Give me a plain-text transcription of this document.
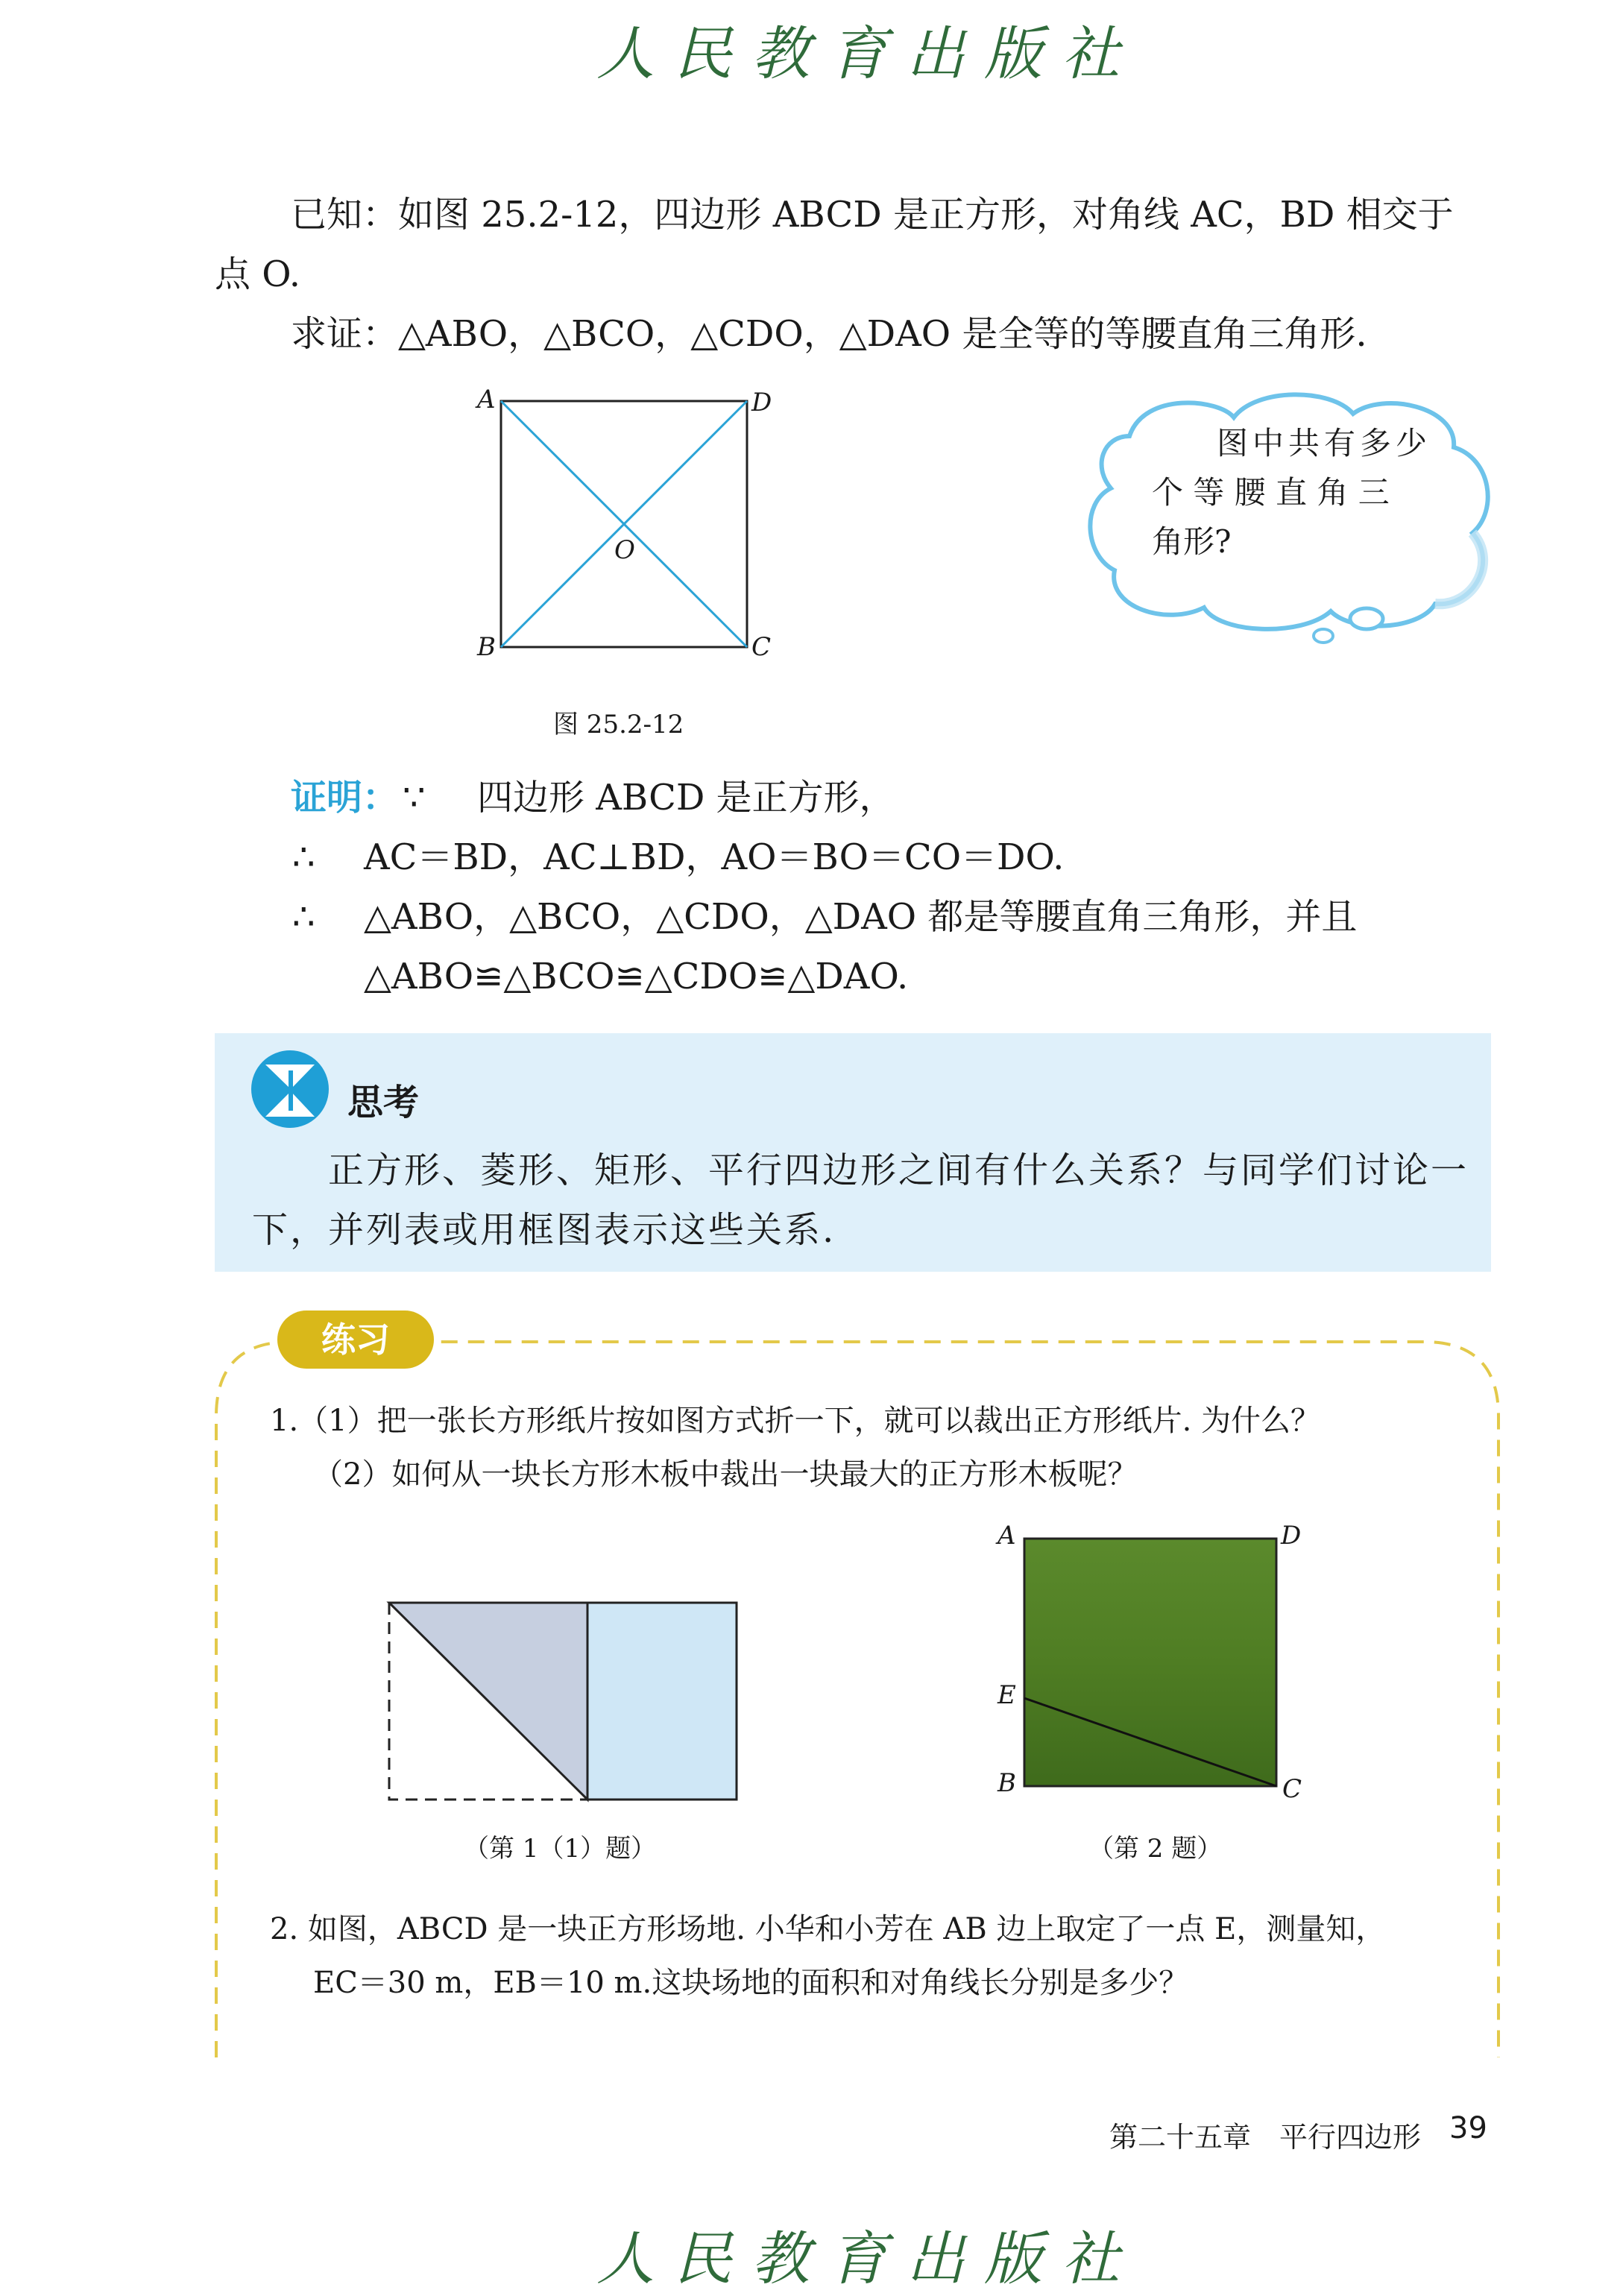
人民教育出版社
已知：如图 25.2-12，四边形 ABCD 是正方形，对角线 AC，BD 相交于
点 O.
求证：△ABO，△BCO，△CDO，△DAO 是全等的等腰直角三角形.
A	D
O
B	C
图 25.2-12
图中共有多少
个 等 腰 直 角 三
角形?
证明： ∵ 四边形 ABCD 是正方形，
∴ AC＝BD，AC⊥BD，AO＝BO＝CO＝DO.
∴ △ABO，△BCO，△CDO，△DAO 都是等腰直角三角形，并且
△ABO≌△BCO≌△CDO≌△DAO.
思考
正方形、菱形、矩形、平行四边形之间有什么关系？与同学们讨论一
下，并列表或用框图表示这些关系.
练习
1.（1）把一张长方形纸片按如图方式折一下，就可以裁出正方形纸片. 为什么？
（2）如何从一块长方形木板中裁出一块最大的正方形木板呢？
（第 1（1）题）
A	D
E
B	C
（第 2 题）
2. 如图，ABCD 是一块正方形场地. 小华和小芳在 AB 边上取定了一点 E，测量知，
EC＝30 m，EB＝10 m.这块场地的面积和对角线长分别是多少？
第二十五章　平行四边形 39
人民教育出版社
